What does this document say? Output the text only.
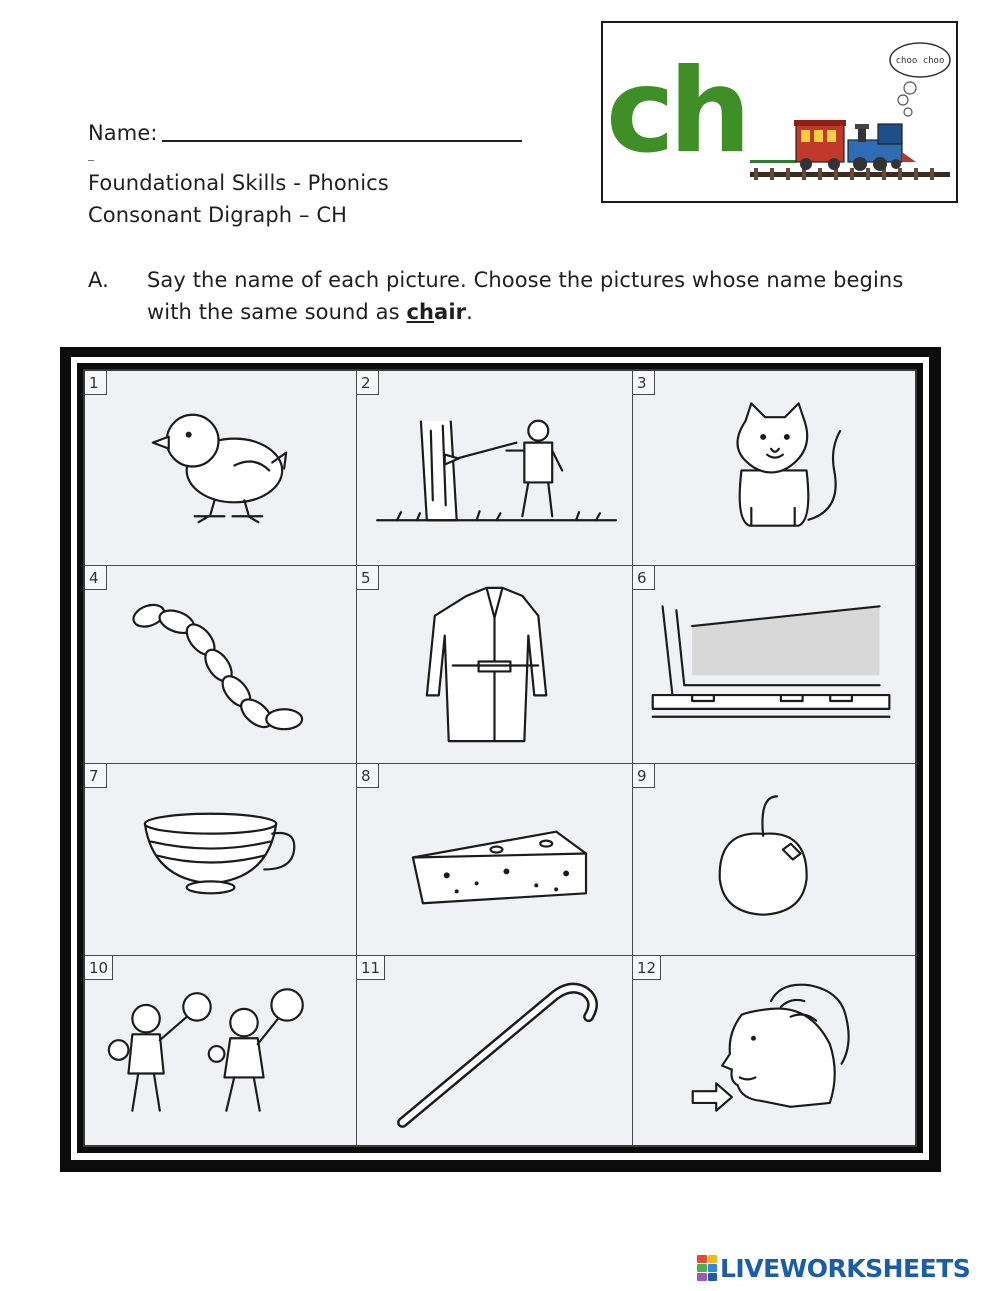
Name:
Foundational Skills - Phonics
Consonant Digraph – CH
ch	choo choo
A. Say the name of each picture. Choose the pictures whose name begins with the same sound as chair.
1	2	3
4	5	6
7	8	9
10	11	12
LIVEWORKSHEETS
